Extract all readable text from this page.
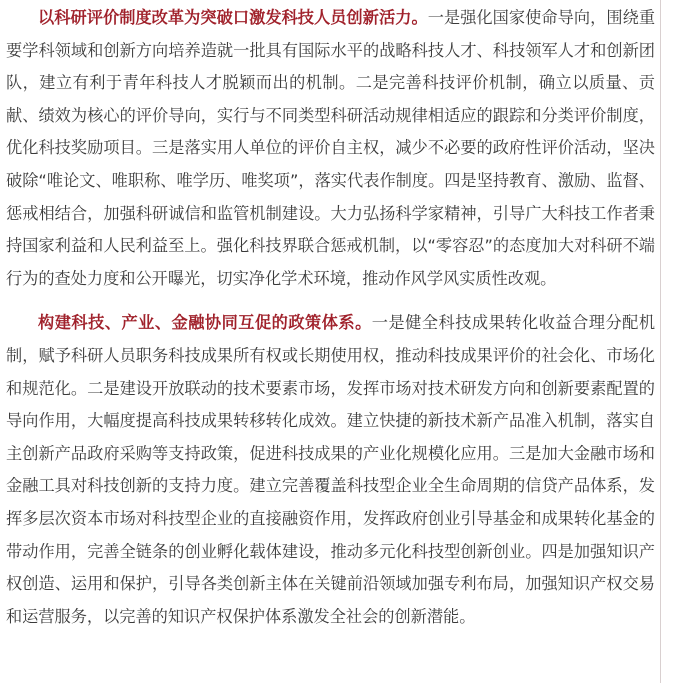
以科研评价制度改革为突破口激发科技人员创新活力。一是强化国家使命导向，围绕重要学科领域和创新方向培养造就一批具有国际水平的战略科技人才、科技领军人才和创新团队，建立有利于青年科技人才脱颖而出的机制。二是完善科技评价机制，确立以质量、贡献、绩效为核心的评价导向，实行与不同类型科研活动规律相适应的跟踪和分类评价制度，优化科技奖励项目。三是落实用人单位的评价自主权，减少不必要的政府性评价活动，坚决破除“唯论文、唯职称、唯学历、唯奖项”，落实代表作制度。四是坚持教育、激励、监督、惩戒相结合，加强科研诚信和监管机制建设。大力弘扬科学家精神，引导广大科技工作者秉持国家利益和人民利益至上。强化科技界联合惩戒机制，以“零容忍”的态度加大对科研不端行为的查处力度和公开曝光，切实净化学术环境，推动作风学风实质性改观。

构建科技、产业、金融协同互促的政策体系。一是健全科技成果转化收益合理分配机制，赋予科研人员职务科技成果所有权或长期使用权，推动科技成果评价的社会化、市场化和规范化。二是建设开放联动的技术要素市场，发挥市场对技术研发方向和创新要素配置的导向作用，大幅度提高科技成果转移转化成效。建立快捷的新技术新产品准入机制，落实自主创新产品政府采购等支持政策，促进科技成果的产业化规模化应用。三是加大金融市场和金融工具对科技创新的支持力度。建立完善覆盖科技型企业全生命周期的信贷产品体系，发挥多层次资本市场对科技型企业的直接融资作用，发挥政府创业引导基金和成果转化基金的带动作用，完善全链条的创业孵化载体建设，推动多元化科技型创新创业。四是加强知识产权创造、运用和保护，引导各类创新主体在关键前沿领域加强专利布局，加强知识产权交易和运营服务，以完善的知识产权保护体系激发全社会的创新潜能。
